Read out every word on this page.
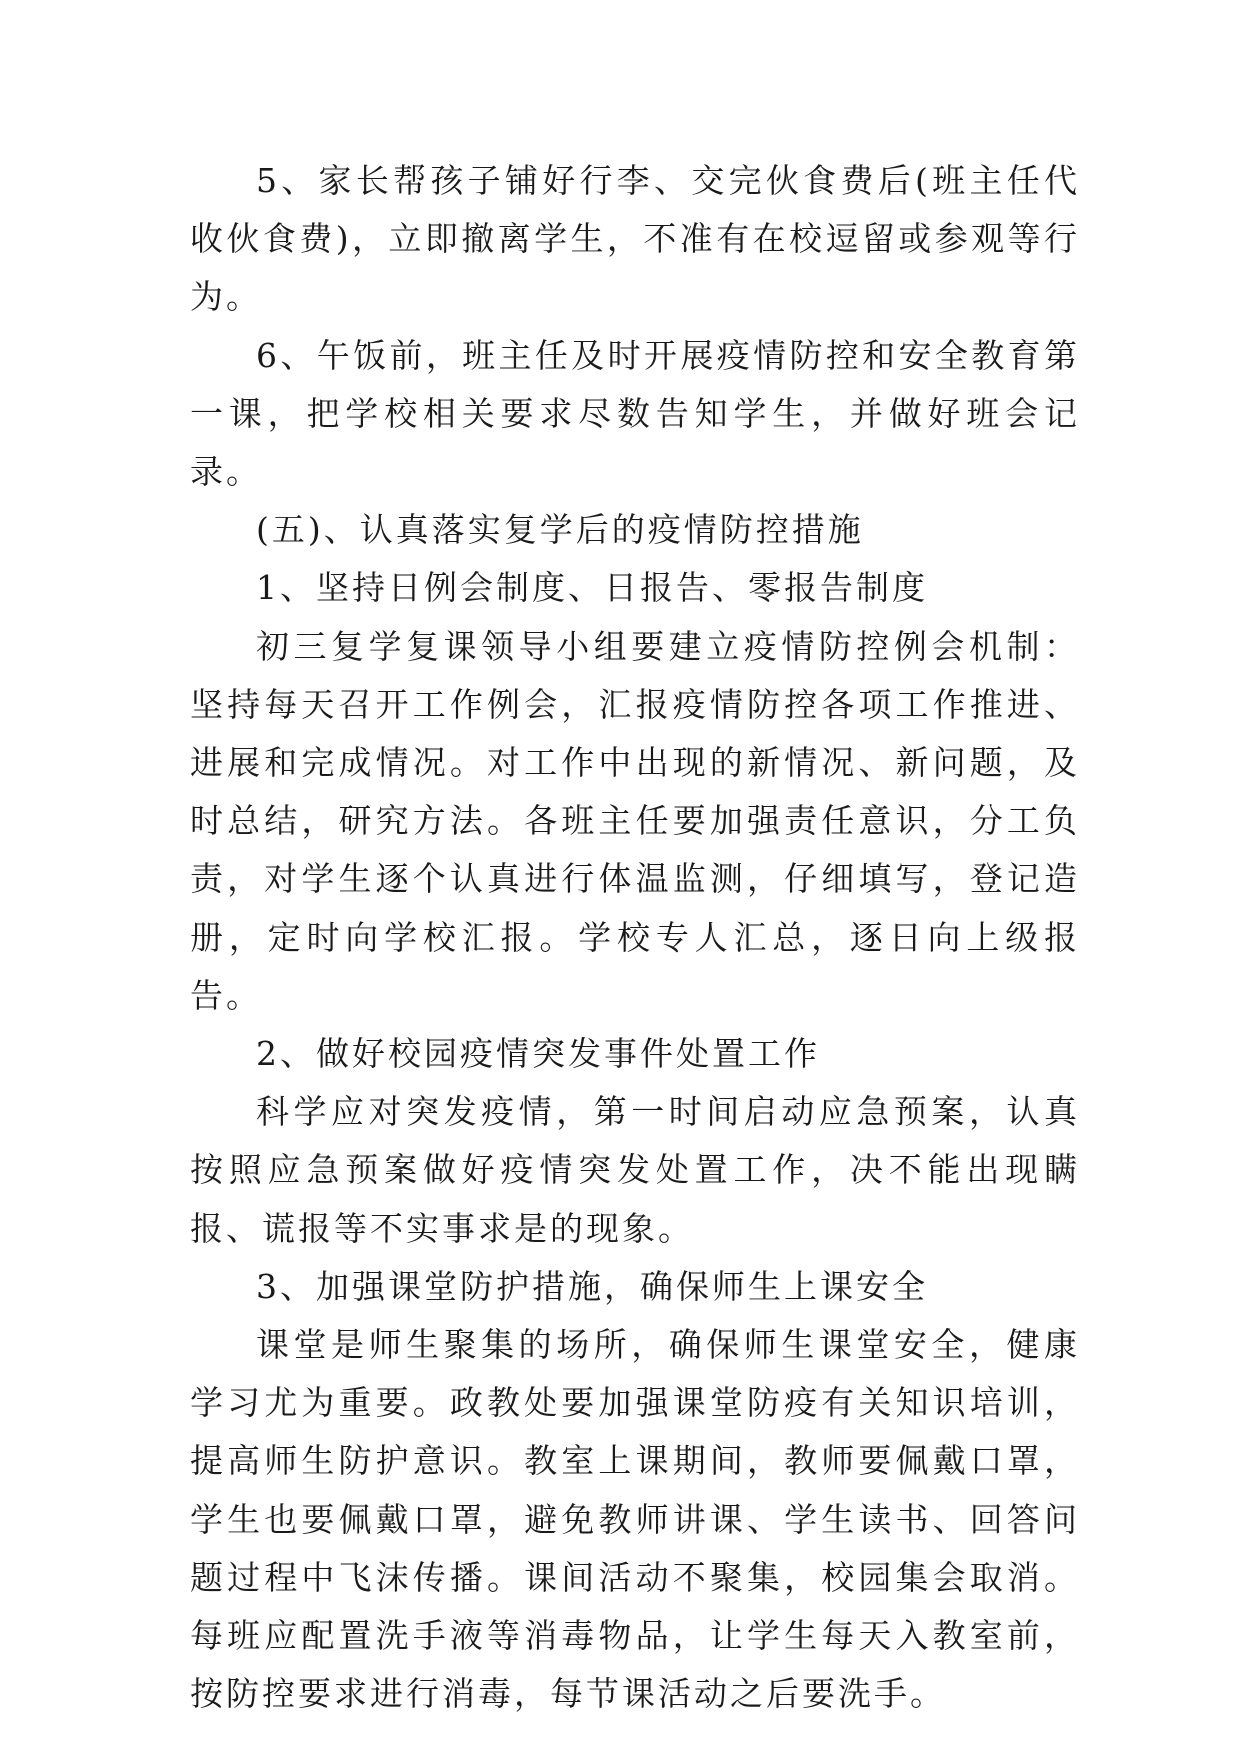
5、家长帮孩子铺好行李、交完伙食费后(班主任代收伙食费)，立即撤离学生，不准有在校逗留或参观等行为。

6、午饭前，班主任及时开展疫情防控和安全教育第一课，把学校相关要求尽数告知学生，并做好班会记录。

(五)、认真落实复学后的疫情防控措施

1、坚持日例会制度、日报告、零报告制度

初三复学复课领导小组要建立疫情防控例会机制：坚持每天召开工作例会，汇报疫情防控各项工作推进、进展和完成情况。对工作中出现的新情况、新问题，及时总结，研究方法。各班主任要加强责任意识，分工负责，对学生逐个认真进行体温监测，仔细填写，登记造册，定时向学校汇报。学校专人汇总，逐日向上级报告。

2、做好校园疫情突发事件处置工作

科学应对突发疫情，第一时间启动应急预案，认真按照应急预案做好疫情突发处置工作，决不能出现瞒报、谎报等不实事求是的现象。

3、加强课堂防护措施，确保师生上课安全

课堂是师生聚集的场所，确保师生课堂安全，健康学习尤为重要。政教处要加强课堂防疫有关知识培训，提高师生防护意识。教室上课期间，教师要佩戴口罩，学生也要佩戴口罩，避免教师讲课、学生读书、回答问题过程中飞沫传播。课间活动不聚集，校园集会取消。每班应配置洗手液等消毒物品，让学生每天入教室前，按防控要求进行消毒，每节课活动之后要洗手。
